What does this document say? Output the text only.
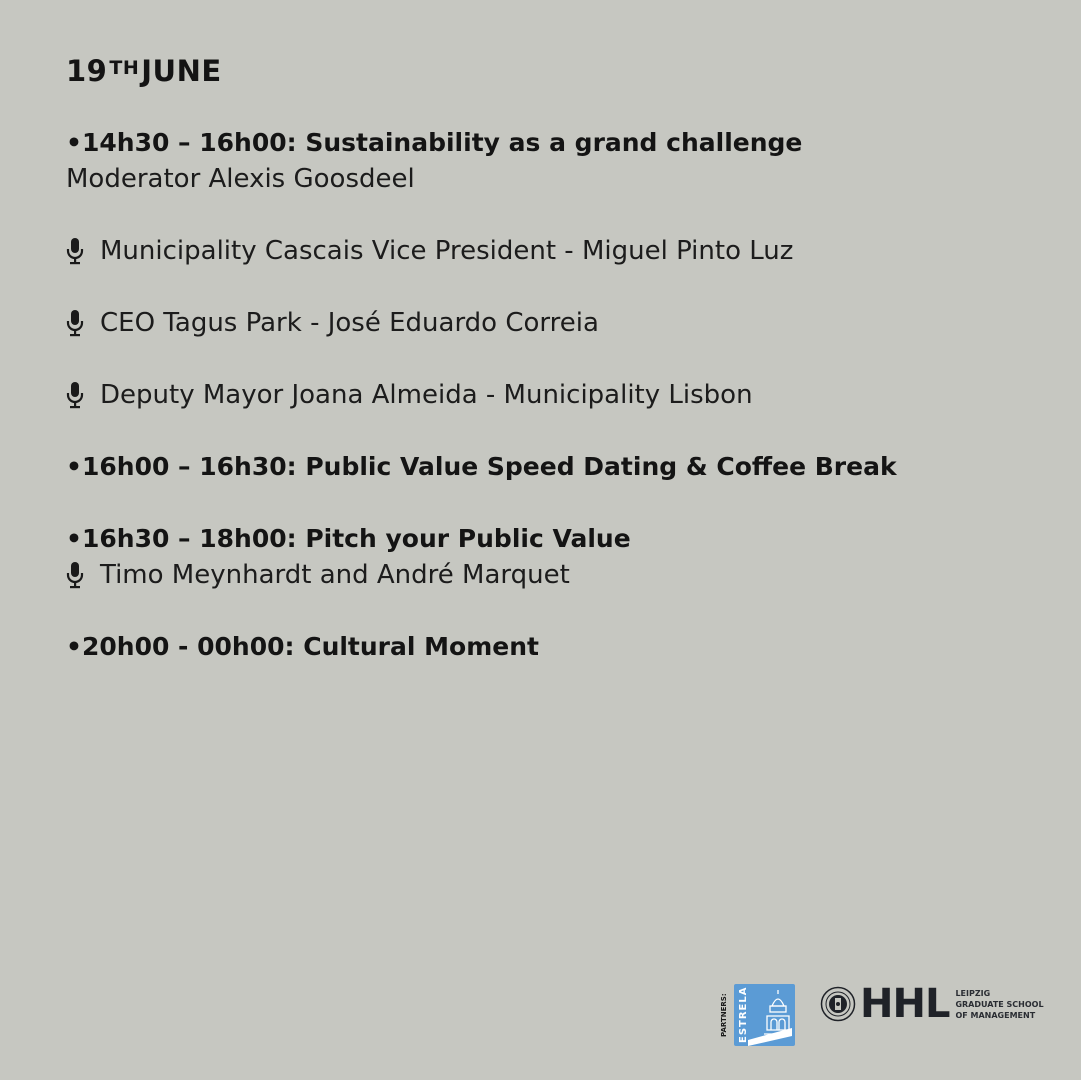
19 $^{TH}$JUNE
•14h30 – 16h00: Sustainability as a grand challenge
Moderator Alexis Goosdeel
Municipality Cascais Vice President - Miguel Pinto Luz
CEO Tagus Park - José Eduardo Correia
Deputy Mayor Joana Almeida - Municipality Lisbon
•16h00 – 16h30: Public Value Speed Dating & Coffee Break
•16h30 – 18h00: Pitch your Public Value
Timo Meynhardt and André Marquet
•20h00 - 00h00: Cultural Moment
PARTNERS: ESTRELA	HHL LEIPZIG
GRADUATE SCHOOL
OF MANAGEMENT
